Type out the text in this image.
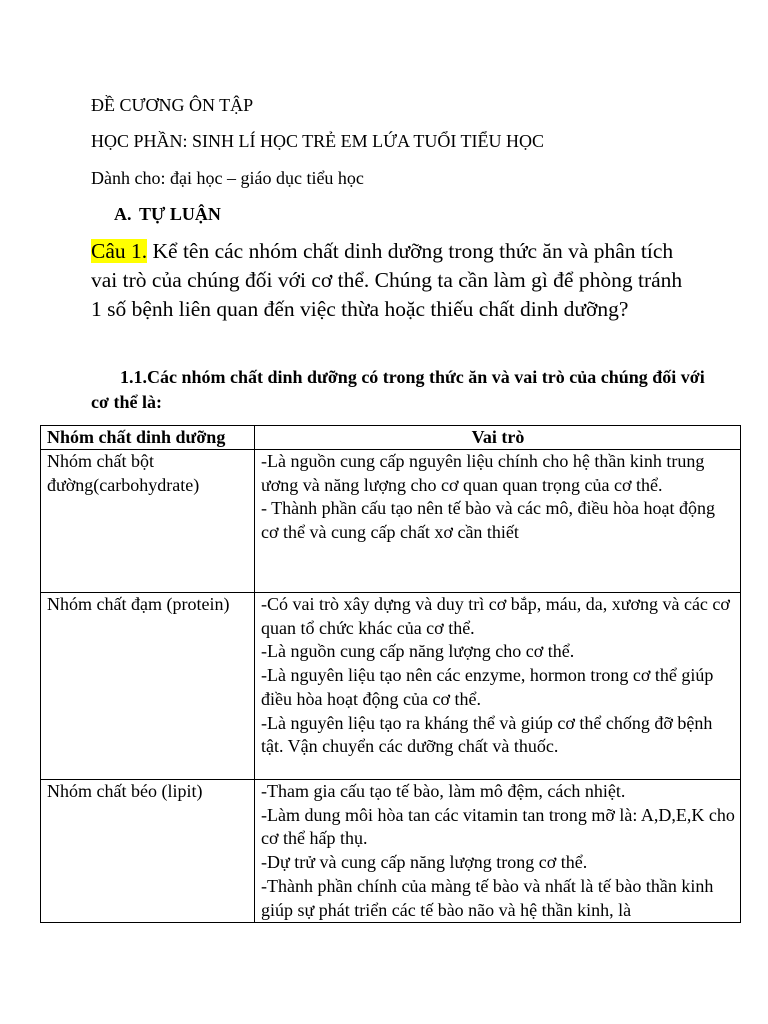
ĐỀ CƯƠNG ÔN TẬP
HỌC PHẦN: SINH LÍ HỌC TRẺ EM LỨA TUỔI TIỂU HỌC
Dành cho: đại học – giáo dục tiểu học
A. TỰ LUẬN
Câu 1. Kể tên các nhóm chất dinh dưỡng trong thức ăn và phân tích vai trò của chúng đối với cơ thể. Chúng ta cần làm gì để phòng tránh 1 số bệnh liên quan đến việc thừa hoặc thiếu chất dinh dưỡng?
1.1.Các nhóm chất dinh dưỡng có trong thức ăn và vai trò của chúng đối với cơ thể là:
Nhóm chất dinh dưỡng	Vai trò
Nhóm chất bột đường(carbohydrate)	-Là nguồn cung cấp nguyên liệu chính cho hệ thần kinh trung ương và năng lượng cho cơ quan quan trọng của cơ thể.
- Thành phần cấu tạo nên tế bào và các mô, điều hòa hoạt động cơ thể và cung cấp chất xơ cần thiết

Nhóm chất đạm (protein)	-Có vai trò xây dựng và duy trì cơ bắp, máu, da, xương và các cơ quan tổ chức khác của cơ thể.
-Là nguồn cung cấp năng lượng cho cơ thể.
-Là nguyên liệu tạo nên các enzyme, hormon trong cơ thể giúp điều hòa hoạt động của cơ thể.
-Là nguyên liệu tạo ra kháng thể và giúp cơ thể chống đỡ bệnh tật. Vận chuyển các dưỡng chất và thuốc.

Nhóm chất béo (lipit)	-Tham gia cấu tạo tế bào, làm mô đệm, cách nhiệt.
-Làm dung môi hòa tan các vitamin tan trong mỡ là: A,D,E,K cho cơ thể hấp thụ.
-Dự trử và cung cấp năng lượng trong cơ thể.
-Thành phần chính của màng tế bào và nhất là tế bào thần kinh giúp sự phát triển các tế bào não và hệ thần kinh, là
